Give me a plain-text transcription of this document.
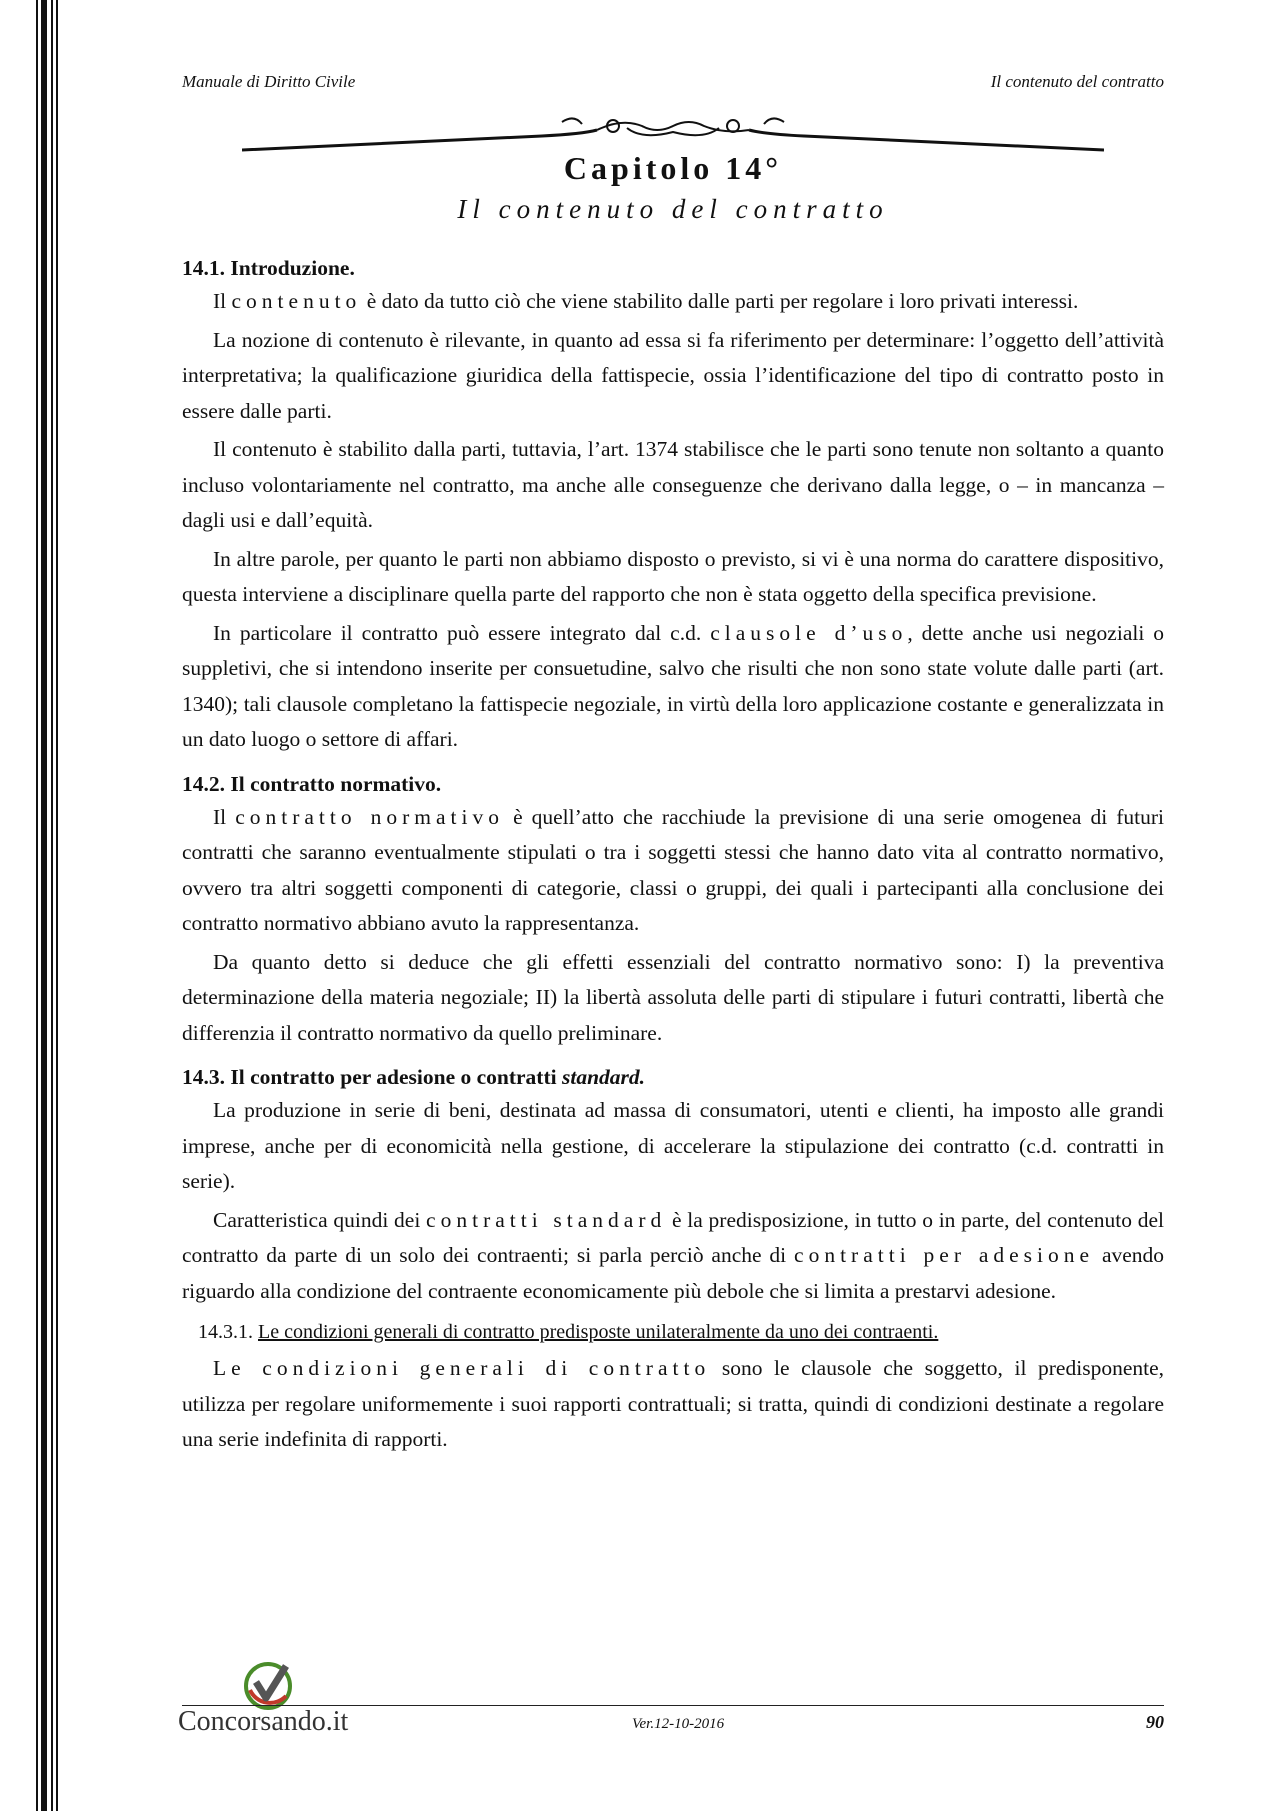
Manuale di Diritto Civile	Il contenuto del contratto
Capitolo 14°
Il contenuto del contratto
14.1. Introduzione.

Il contenuto è dato da tutto ciò che viene stabilito dalle parti per regolare i loro privati interessi.

La nozione di contenuto è rilevante, in quanto ad essa si fa riferimento per determinare: l’oggetto dell’attività interpretativa; la qualificazione giuridica della fattispecie, ossia l’identificazione del tipo di contratto posto in essere dalle parti.

Il contenuto è stabilito dalla parti, tuttavia, l’art. 1374 stabilisce che le parti sono tenute non soltanto a quanto incluso volontariamente nel contratto, ma anche alle conseguenze che derivano dalla legge, o – in mancanza – dagli usi e dall’equità.

In altre parole, per quanto le parti non abbiamo disposto o previsto, si vi è una norma do carattere dispositivo, questa interviene a disciplinare quella parte del rapporto che non è stata oggetto della specifica previsione.

In particolare il contratto può essere integrato dal c.d. clausole d’uso, dette anche usi negoziali o suppletivi, che si intendono inserite per consuetudine, salvo che risulti che non sono state volute dalle parti (art. 1340); tali clausole completano la fattispecie negoziale, in virtù della loro applicazione costante e generalizzata in un dato luogo o settore di affari.

14.2. Il contratto normativo.

Il contratto normativo è quell’atto che racchiude la previsione di una serie omogenea di futuri contratti che saranno eventualmente stipulati o tra i soggetti stessi che hanno dato vita al contratto normativo, ovvero tra altri soggetti componenti di categorie, classi o gruppi, dei quali i partecipanti alla conclusione dei contratto normativo abbiano avuto la rappresentanza.

Da quanto detto si deduce che gli effetti essenziali del contratto normativo sono: I) la preventiva determinazione della materia negoziale; II) la libertà assoluta delle parti di stipulare i futuri contratti, libertà che differenzia il contratto normativo da quello preliminare.

14.3. Il contratto per adesione o contratti standard.

La produzione in serie di beni, destinata ad massa di consumatori, utenti e clienti, ha imposto alle grandi imprese, anche per di economicità nella gestione, di accelerare la stipulazione dei contratto (c.d. contratti in serie).

Caratteristica quindi dei contratti standard è la predisposizione, in tutto o in parte, del contenuto del contratto da parte di un solo dei contraenti; si parla perciò anche di contratti per adesione avendo riguardo alla condizione del contraente economicamente più debole che si limita a prestarvi adesione.

14.3.1. Le condizioni generali di contratto predisposte unilateralmente da uno dei contraenti.

Le condizioni generali di contratto sono le clausole che soggetto, il predisponente, utilizza per regolare uniformemente i suoi rapporti contrattuali; si tratta, quindi di condizioni destinate a regolare una serie indefinita di rapporti.

Concorsando.it	Ver.12-10-2016	90
